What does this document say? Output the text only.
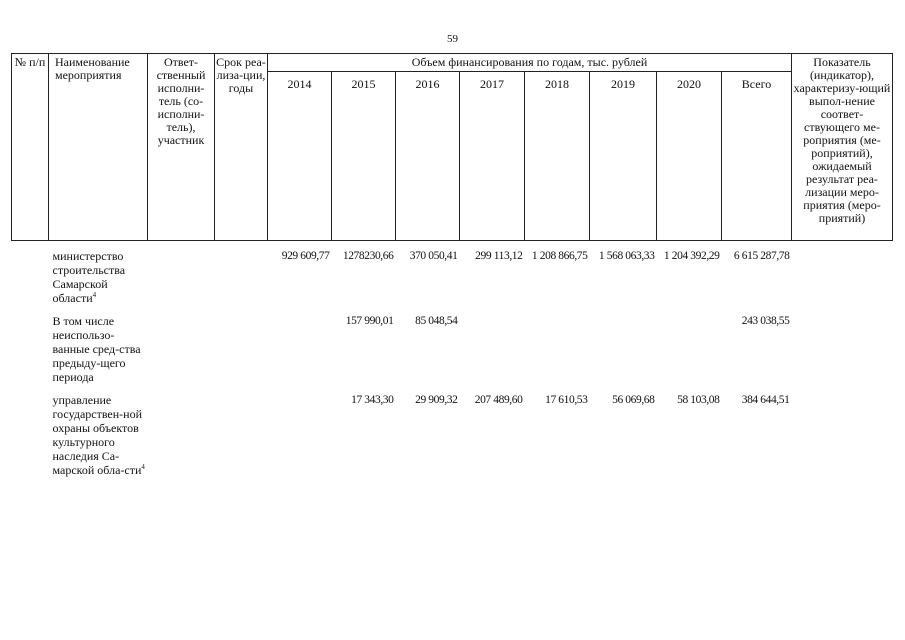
59
№ п/п	Наименование мероприятия	Ответ-ственный исполни-тель (со-исполни-тель), участник	Срок реа-лиза-ции, годы	Объем финансирования по годам, тыс. рублей								Показатель (индикатор), характеризу-ющий выпол-нение соответ-ствующего ме-роприятия (ме-роприятий), ожидаемый результат реа-лизации меро-приятия (меро-приятий)
				2014	2015	2016	2017	2018	2019	2020	Всего	
	министерство строительства Самарской области$^4$			929 609,77	1278230,66	370 050,41	299 113,12	1 208 866,75	1 568 063,33	1 204 392,29	6 615 287,78	
	В том числе неиспользо-ванные сред-ства предыду-щего периода				157 990,01	85 048,54					243 038,55	
	управление государствен-ной охраны объектов культурного наследия Са-марской обла-сти$^4$				17 343,30	29 909,32	207 489,60	17 610,53	56 069,68	58 103,08	384 644,51	
